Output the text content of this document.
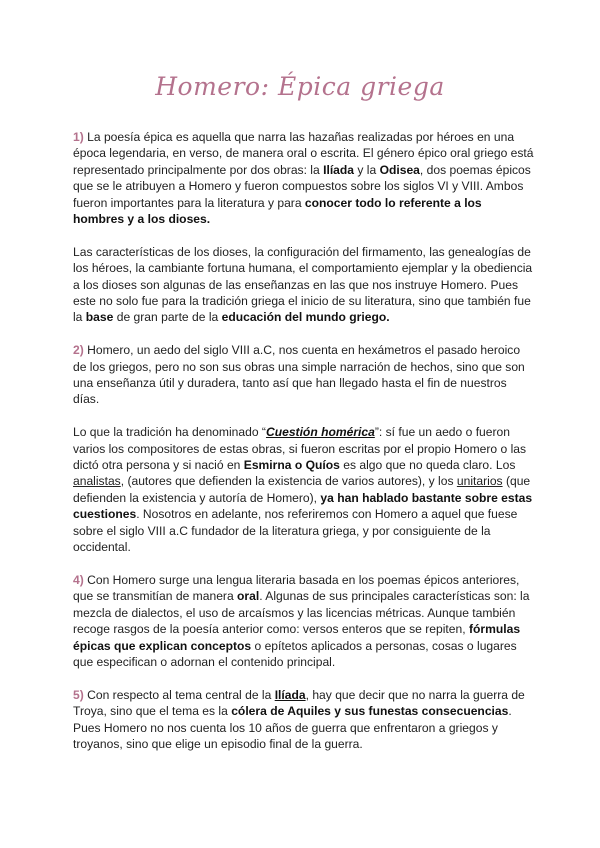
Homero: Épica griega

1) La poesía épica es aquella que narra las hazañas realizadas por héroes en una época legendaria, en verso, de manera oral o escrita. El género épico oral griego está representado principalmente por dos obras: la Ilíada y la Odisea, dos poemas épicos que se le atribuyen a Homero y fueron compuestos sobre los siglos VI y VIII. Ambos fueron importantes para la literatura y para conocer todo lo referente a los hombres y a los dioses.

Las características de los dioses, la configuración del firmamento, las genealogías de los héroes, la cambiante fortuna humana, el comportamiento ejemplar y la obediencia a los dioses son algunas de las enseñanzas en las que nos instruye Homero. Pues este no solo fue para la tradición griega el inicio de su literatura, sino que también fue la base de gran parte de la educación del mundo griego.

2) Homero, un aedo del siglo VIII a.C, nos cuenta en hexámetros el pasado heroico de los griegos, pero no son sus obras una simple narración de hechos, sino que son una enseñanza útil y duradera, tanto así que han llegado hasta el fin de nuestros días.

Lo que la tradición ha denominado “Cuestión homérica”: sí fue un aedo o fueron varios los compositores de estas obras, si fueron escritas por el propio Homero o las dictó otra persona y si nació en Esmirna o Quíos es algo que no queda claro. Los analistas, (autores que defienden la existencia de varios autores), y los unitarios (que defienden la existencia y autoría de Homero), ya han hablado bastante sobre estas cuestiones. Nosotros en adelante, nos referiremos con Homero a aquel que fuese sobre el siglo VIII a.C fundador de la literatura griega, y por consiguiente de la occidental.

4) Con Homero surge una lengua literaria basada en los poemas épicos anteriores, que se transmitían de manera oral. Algunas de sus principales características son: la mezcla de dialectos, el uso de arcaísmos y las licencias métricas. Aunque también recoge rasgos de la poesía anterior como: versos enteros que se repiten, fórmulas épicas que explican conceptos o epítetos aplicados a personas, cosas o lugares que especifican o adornan el contenido principal.

5) Con respecto al tema central de la Ilíada, hay que decir que no narra la guerra de Troya, sino que el tema es la cólera de Aquiles y sus funestas consecuencias. Pues Homero no nos cuenta los 10 años de guerra que enfrentaron a griegos y troyanos, sino que elige un episodio final de la guerra.
